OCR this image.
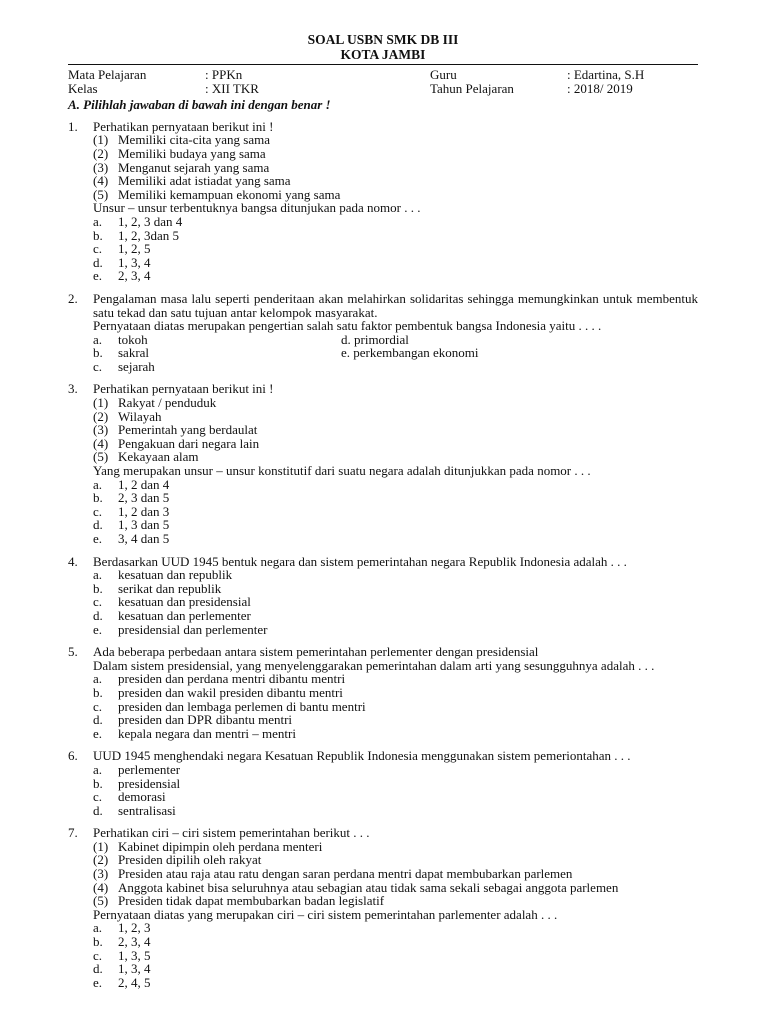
SOAL USBN SMK DB III
KOTA JAMBI
Mata Pelajaran	: PPKn	Guru	: Edartina, S.H
Kelas	: XII TKR	Tahun Pelajaran	: 2018/ 2019
A. Pilihlah jawaban di bawah ini dengan benar !
1.	Perhatikan pernyataan berikut ini !
(1) Memiliki cita-cita yang sama
(2) Memiliki budaya yang sama
(3) Menganut sejarah yang sama
(4) Memiliki adat istiadat yang sama
(5) Memiliki kemampuan ekonomi yang sama
Unsur – unsur terbentuknya bangsa ditunjukan pada nomor . . .
a.	1, 2, 3 dan 4
b.	1, 2, 3dan 5
c.	1, 2, 5
d.	1, 3, 4
e.	2, 3, 4
2.	Pengalaman masa lalu seperti penderitaan akan melahirkan solidaritas sehingga memungkinkan untuk membentuk satu tekad dan satu tujuan antar kelompok masyarakat.
Pernyataan diatas merupakan pengertian salah satu faktor pembentuk bangsa Indonesia yaitu . . . .
a.	tokoh	d. primordial
b.	sakral	e. perkembangan ekonomi
c.	sejarah
3.	Perhatikan pernyataan berikut ini !
(1) Rakyat / penduduk
(2) Wilayah
(3) Pemerintah yang berdaulat
(4) Pengakuan dari negara lain
(5) Kekayaan alam
Yang merupakan unsur – unsur konstitutif dari suatu negara adalah ditunjukkan pada nomor . . .
a.	1, 2 dan 4
b.	2, 3 dan 5
c.	1, 2 dan 3
d.	1, 3 dan 5
e.	3, 4 dan 5
4.	Berdasarkan UUD 1945 bentuk negara dan sistem pemerintahan negara Republik Indonesia adalah . . .
a.	kesatuan dan republik
b.	serikat dan republik
c.	kesatuan dan presidensial
d.	kesatuan dan perlementer
e.	presidensial dan perlementer
5.	Ada beberapa perbedaan antara sistem pemerintahan perlementer dengan presidensial
Dalam sistem presidensial, yang menyelenggarakan pemerintahan dalam arti yang sesungguhnya adalah . . .
a.	presiden dan perdana mentri dibantu mentri
b.	presiden dan wakil presiden dibantu mentri
c.	presiden dan lembaga perlemen di bantu mentri
d.	presiden dan DPR dibantu mentri
e.	kepala negara dan mentri – mentri
6.	UUD 1945 menghendaki negara Kesatuan Republik Indonesia menggunakan sistem pemeriontahan . . .
a.	perlementer
b.	presidensial
c.	demorasi
d.	sentralisasi
7.	Perhatikan ciri – ciri sistem pemerintahan berikut . . .
(1) Kabinet dipimpin oleh perdana menteri
(2) Presiden dipilih oleh rakyat
(3) Presiden atau raja atau ratu dengan saran perdana mentri dapat membubarkan parlemen
(4) Anggota kabinet bisa seluruhnya atau sebagian atau tidak sama sekali sebagai anggota parlemen
(5) Presiden tidak dapat membubarkan badan legislatif
Pernyataan diatas yang merupakan ciri – ciri sistem pemerintahan parlementer adalah . . .
a.	1, 2, 3
b.	2, 3, 4
c.	1, 3, 5
d.	1, 3, 4
e.	2, 4, 5
